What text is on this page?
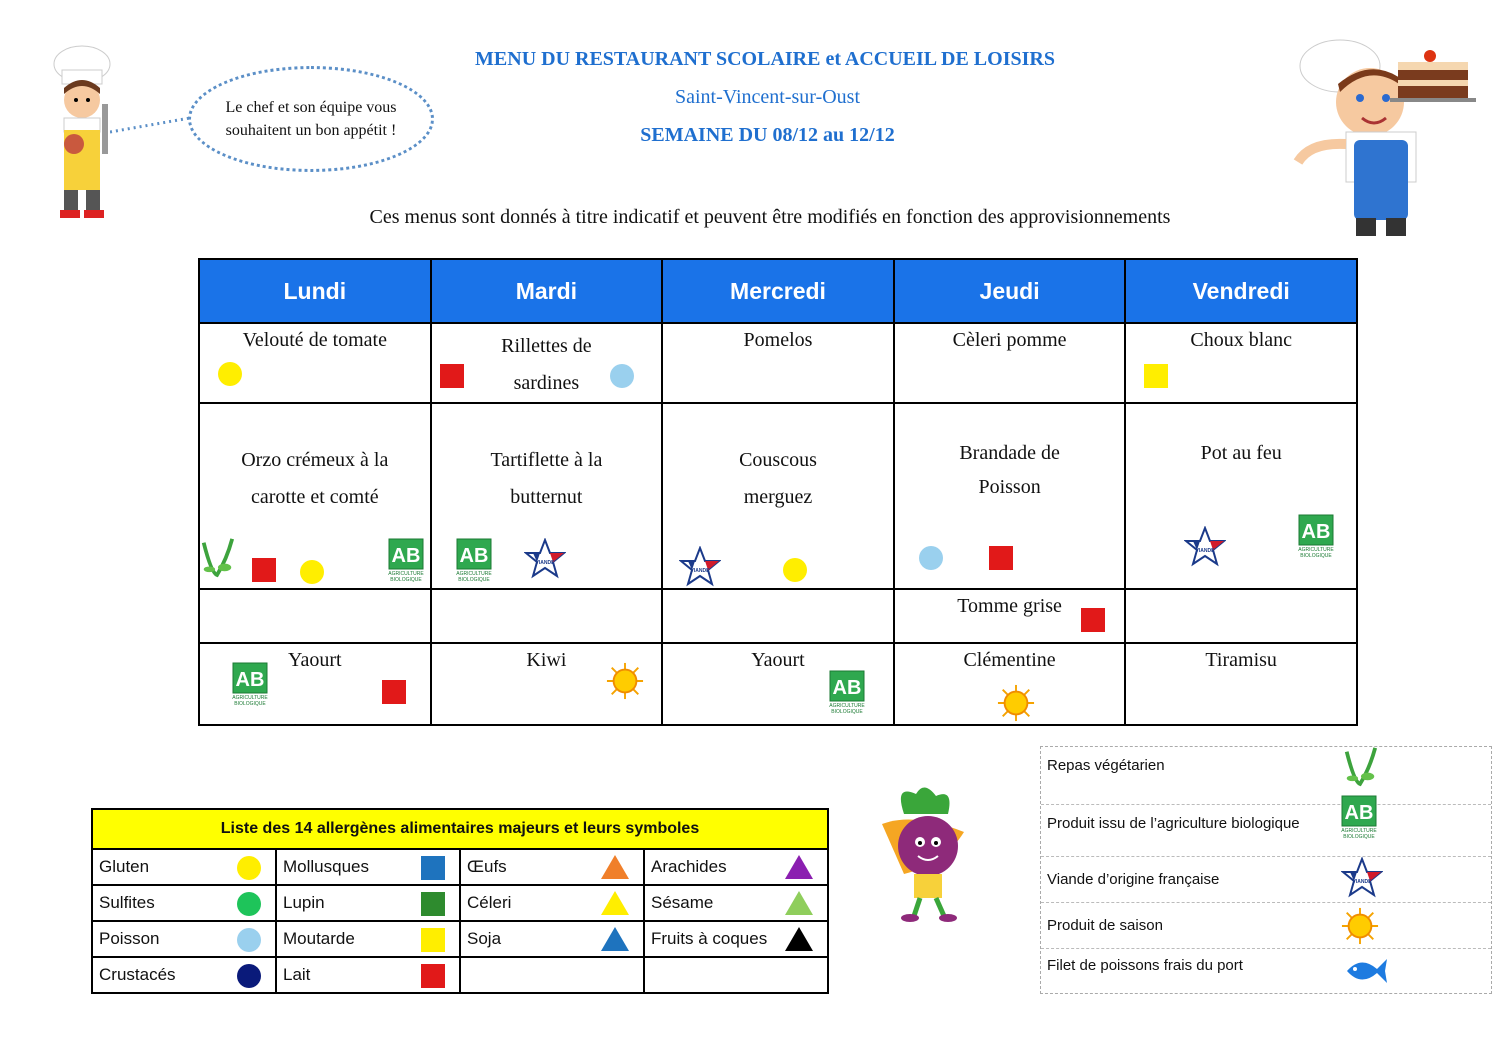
MENU DU RESTAURANT SCOLAIRE et ACCUEIL DE LOISIRS
Saint-Vincent-sur-Oust
SEMAINE DU 08/12 au 12/12
Le chef et son équipe vous souhaitent un bon appétit !
Ces menus sont donnés à titre indicatif et peuvent être modifiés en fonction des approvisionnements
Lundi	Mardi	Mercredi	Jeudi	Vendredi

Velouté de tomate	Rillettes de sardines	Pomelos	Cèleri pomme	Choux blanc

Orzo crémeux à la carotte et comté	Tartiflette à la butternut	Couscous merguez	Brandade de Poisson	Pot au feu

			Tomme grise	

Yaourt	Kiwi	Yaourt	Clémentine	Tiramisu
Liste des 14 allergènes alimentaires majeurs et leurs symboles			
Gluten	Mollusques	Œufs	Arachides

Sulfites	Lupin	Céleri	Sésame

Poisson	Moutarde	Soja	Fruits à coques

Crustacés	Lait

Repas végétarien
Produit issu de l’agriculture biologique
Viande d’origine française
Produit de saison
Filet de poissons frais du port
